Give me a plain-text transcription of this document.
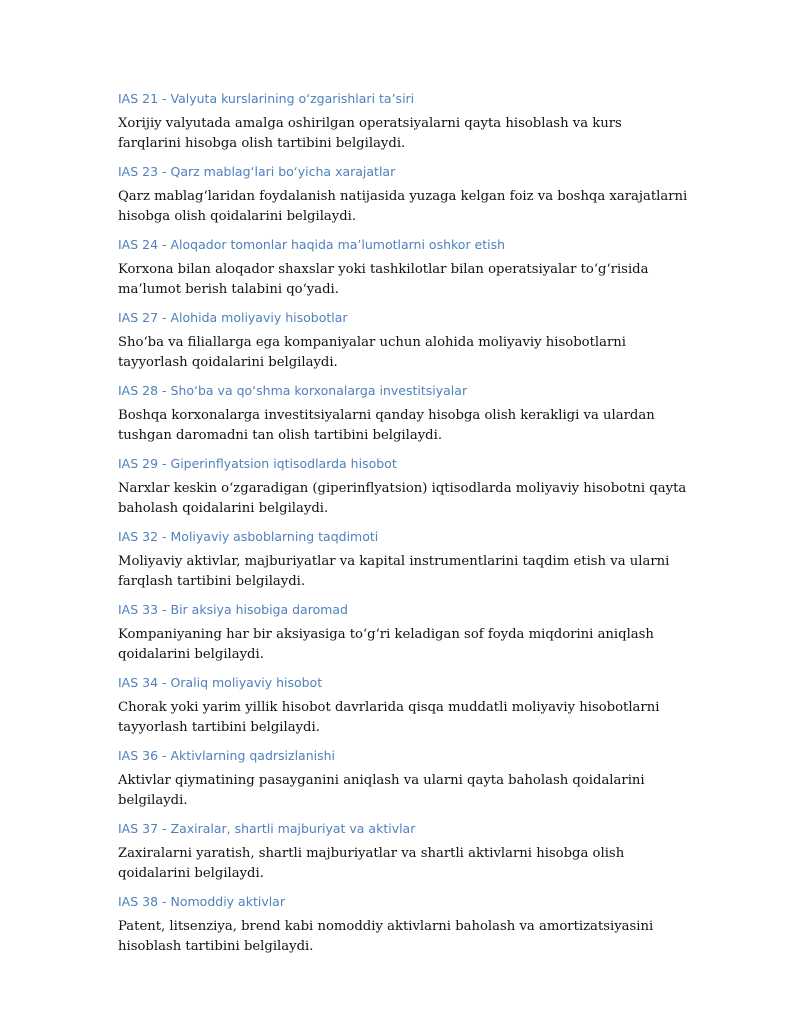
IAS 21 - Valyuta kurslarining o‘zgarishlari ta’siri

Xorijiy valyutada amalga oshirilgan operatsiyalarni qayta hisoblash va kurs farqlarini hisobga olish tartibini belgilaydi.

IAS 23 - Qarz mablag‘lari bo‘yicha xarajatlar

Qarz mablag‘laridan foydalanish natijasida yuzaga kelgan foiz va boshqa xarajatlarni hisobga olish qoidalarini belgilaydi.

IAS 24 - Aloqador tomonlar haqida ma’lumotlarni oshkor etish

Korxona bilan aloqador shaxslar yoki tashkilotlar bilan operatsiyalar to‘g‘risida ma’lumot berish talabini qo‘yadi.

IAS 27 - Alohida moliyaviy hisobotlar

Sho‘ba va filiallarga ega kompaniyalar uchun alohida moliyaviy hisobotlarni tayyorlash qoidalarini belgilaydi.

IAS 28 - Sho‘ba va qo‘shma korxonalarga investitsiyalar

Boshqa korxonalarga investitsiyalarni qanday hisobga olish kerakligi va ulardan tushgan daromadni tan olish tartibini belgilaydi.

IAS 29 - Giperinflyatsion iqtisodlarda hisobot

Narxlar keskin o‘zgaradigan (giperinflyatsion) iqtisodlarda moliyaviy hisobotni qayta baholash qoidalarini belgilaydi.

IAS 32 - Moliyaviy asboblarning taqdimoti

Moliyaviy aktivlar, majburiyatlar va kapital instrumentlarini taqdim etish va ularni farqlash tartibini belgilaydi.

IAS 33 - Bir aksiya hisobiga daromad

Kompaniyaning har bir aksiyasiga to‘g‘ri keladigan sof foyda miqdorini aniqlash qoidalarini belgilaydi.

IAS 34 - Oraliq moliyaviy hisobot

Chorak yoki yarim yillik hisobot davrlarida qisqa muddatli moliyaviy hisobotlarni tayyorlash tartibini belgilaydi.

IAS 36 - Aktivlarning qadrsizlanishi

Aktivlar qiymatining pasayganini aniqlash va ularni qayta baholash qoidalarini belgilaydi.

IAS 37 - Zaxiralar, shartli majburiyat va aktivlar

Zaxiralarni yaratish, shartli majburiyatlar va shartli aktivlarni hisobga olish qoidalarini belgilaydi.

IAS 38 - Nomoddiy aktivlar

Patent, litsenziya, brend kabi nomoddiy aktivlarni baholash va amortizatsiyasini hisoblash tartibini belgilaydi.
